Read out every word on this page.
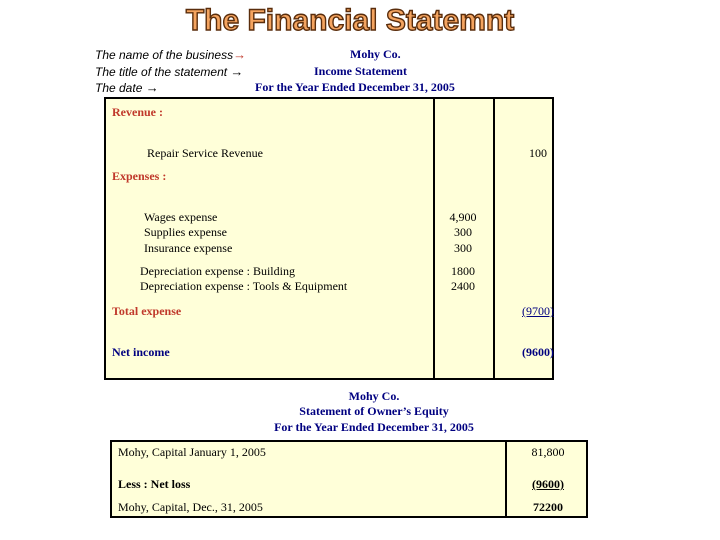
The Financial Statemnt
The name of the business→	Mohy Co.
The title of the statement →	Income Statement
The date →	For the Year Ended December 31, 2005
Revenue :
Repair Service Revenue	100
Expenses :
Wages expense	4,900
Supplies expense	300
Insurance expense	300
Depreciation expense : Building	1800
Depreciation expense : Tools & Equipment	2400
Total expense	(9700)
Net income	(9600)
Mohy Co.
Statement of Owner’s Equity
For the Year Ended December 31, 2005
Mohy, Capital January 1, 2005	81,800
Less : Net loss	(9600)
Mohy, Capital, Dec., 31, 2005	72200
